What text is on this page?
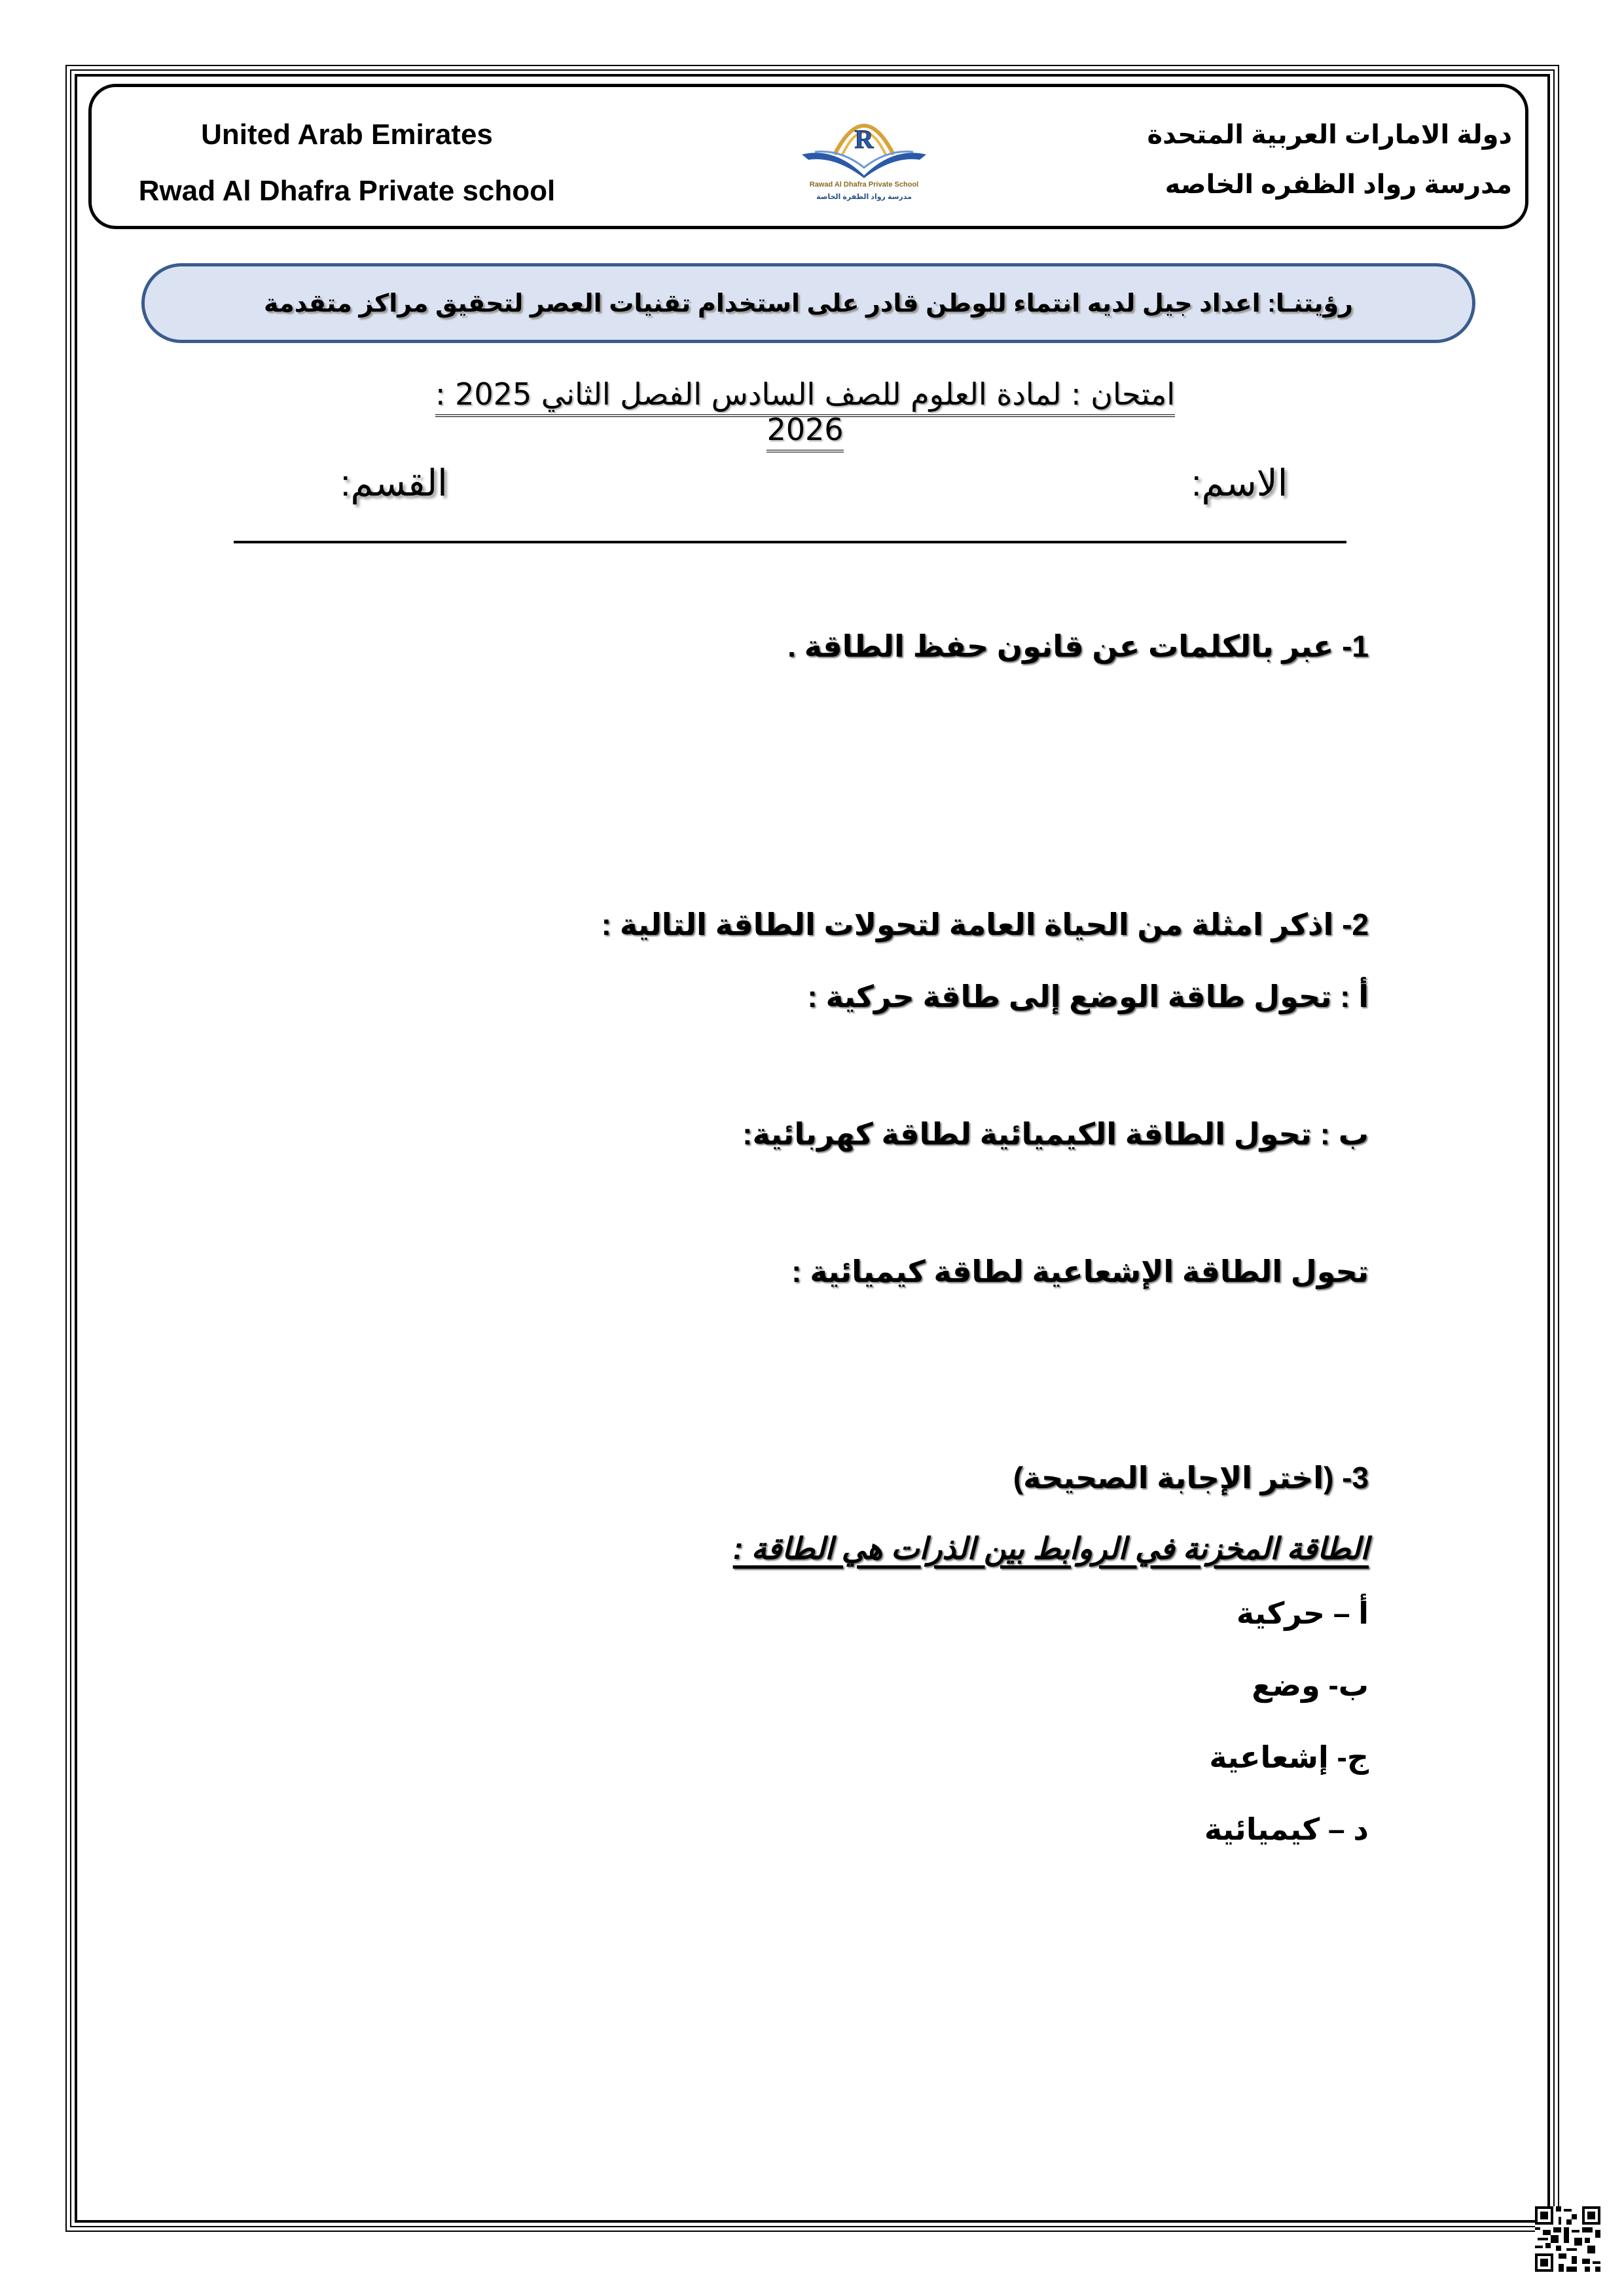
United Arab Emirates
Rwad Al Dhafra Private school
R
Rawad Al Dhafra Private School
مدرسة رواد الظفرة الخاصة
دولة الامارات العربية المتحدة
مدرسة رواد الظفره الخاصه
رؤيتنـا: اعداد جيل لديه انتماء للوطن قادر على استخدام تقنيات العصر لتحقيق مراكز متقدمة
امتحان : لمادة العلوم للصف السادس الفصل الثاني 2025 : 2026
الاسم:
القسم:
1- عبر بالكلمات عن قانون حفظ الطاقة .
2- اذكر امثلة من الحياة العامة لتحولات الطاقة التالية :
أ : تحول طاقة الوضع إلى طاقة حركية :
ب : تحول الطاقة الكيميائية لطاقة كهربائية:
تحول الطاقة الإشعاعية لطاقة كيميائية :
3- (اختر الإجابة الصحيحة)
الطاقة المخزنة في الروابط بين الذرات هي الطاقة :
أ – حركية
ب- وضع
ج- إشعاعية
د – كيميائية
